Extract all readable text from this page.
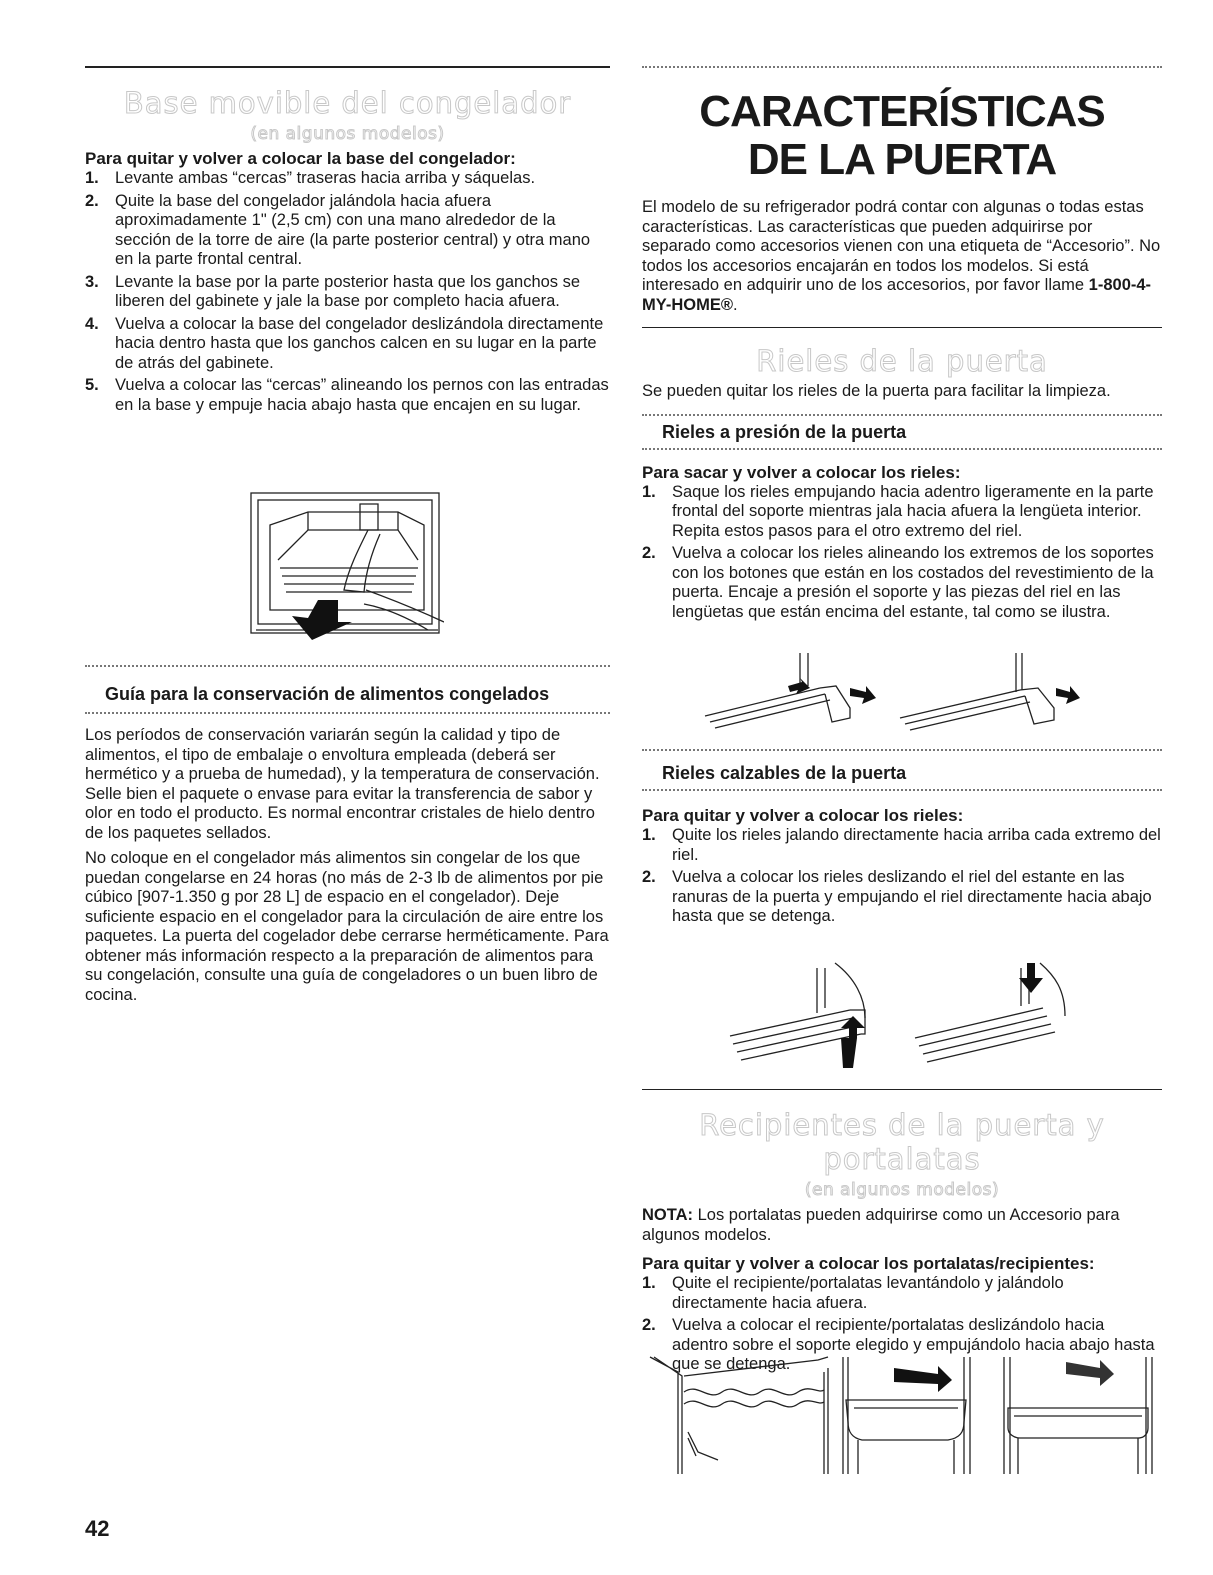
Base movible del congelador
(en algunos modelos)
Para quitar y volver a colocar la base del congelador:
1. Levante ambas “cercas” traseras hacia arriba y sáquelas.
2. Quite la base del congelador jalándola hacia afuera aproximadamente 1" (2,5 cm) con una mano alrededor de la sección de la torre de aire (la parte posterior central) y otra mano en la parte frontal central.
3. Levante la base por la parte posterior hasta que los ganchos se liberen del gabinete y jale la base por completo hacia afuera.
4. Vuelva a colocar la base del congelador deslizándola directamente hacia dentro hasta que los ganchos calcen en su lugar en la parte de atrás del gabinete.
5. Vuelva a colocar las “cercas” alineando los pernos con las entradas en la base y empuje hacia abajo hasta que encajen en su lugar.
Guía para la conservación de alimentos congelados

Los períodos de conservación variarán según la calidad y tipo de alimentos, el tipo de embalaje o envoltura empleada (deberá ser hermético y a prueba de humedad), y la temperatura de conservación. Selle bien el paquete o envase para evitar la transferencia de sabor y olor en todo el producto. Es normal encontrar cristales de hielo dentro de los paquetes sellados.

No coloque en el congelador más alimentos sin congelar de los que puedan congelarse en 24 horas (no más de 2-3 lb de alimentos por pie cúbico [907-1.350 g por 28 L] de espacio en el congelador). Deje suficiente espacio en el congelador para la circulación de aire entre los paquetes. La puerta del cogelador debe cerrarse herméticamente. Para obtener más información respecto a la preparación de alimentos para su congelación, consulte una guía de congeladores o un buen libro de cocina.

CARACTERÍSTICAS
DE LA PUERTA

El modelo de su refrigerador podrá contar con algunas o todas estas características. Las características que pueden adquirirse por separado como accesorios vienen con una etiqueta de “Accesorio”. No todos los accesorios encajarán en todos los modelos. Si está interesado en adquirir uno de los accesorios, por favor llame 1-800-4-MY-HOME®.

Rieles de la puerta

Se pueden quitar los rieles de la puerta para facilitar la limpieza.

Rieles a presión de la puerta
Para sacar y volver a colocar los rieles:
1. Saque los rieles empujando hacia adentro ligeramente en la parte frontal del soporte mientras jala hacia afuera la lengüeta interior. Repita estos pasos para el otro extremo del riel.
2. Vuelva a colocar los rieles alineando los extremos de los soportes con los botones que están en los costados del revestimiento de la puerta. Encaje a presión el soporte y las piezas del riel en las lengüetas que están encima del estante, tal como se ilustra.
Rieles calzables de la puerta
Para quitar y volver a colocar los rieles:
1. Quite los rieles jalando directamente hacia arriba cada extremo del riel.
2. Vuelva a colocar los rieles deslizando el riel del estante en las ranuras de la puerta y empujando el riel directamente hacia abajo hasta que se detenga.
Recipientes de la puerta y portalatas
(en algunos modelos)

NOTA: Los portalatas pueden adquirirse como un Accesorio para algunos modelos.

Para quitar y volver a colocar los portalatas/recipientes:
1. Quite el recipiente/portalatas levantándolo y jalándolo directamente hacia afuera.
2. Vuelva a colocar el recipiente/portalatas deslizándolo hacia adentro sobre el soporte elegido y empujándolo hacia abajo hasta que se detenga.
42
